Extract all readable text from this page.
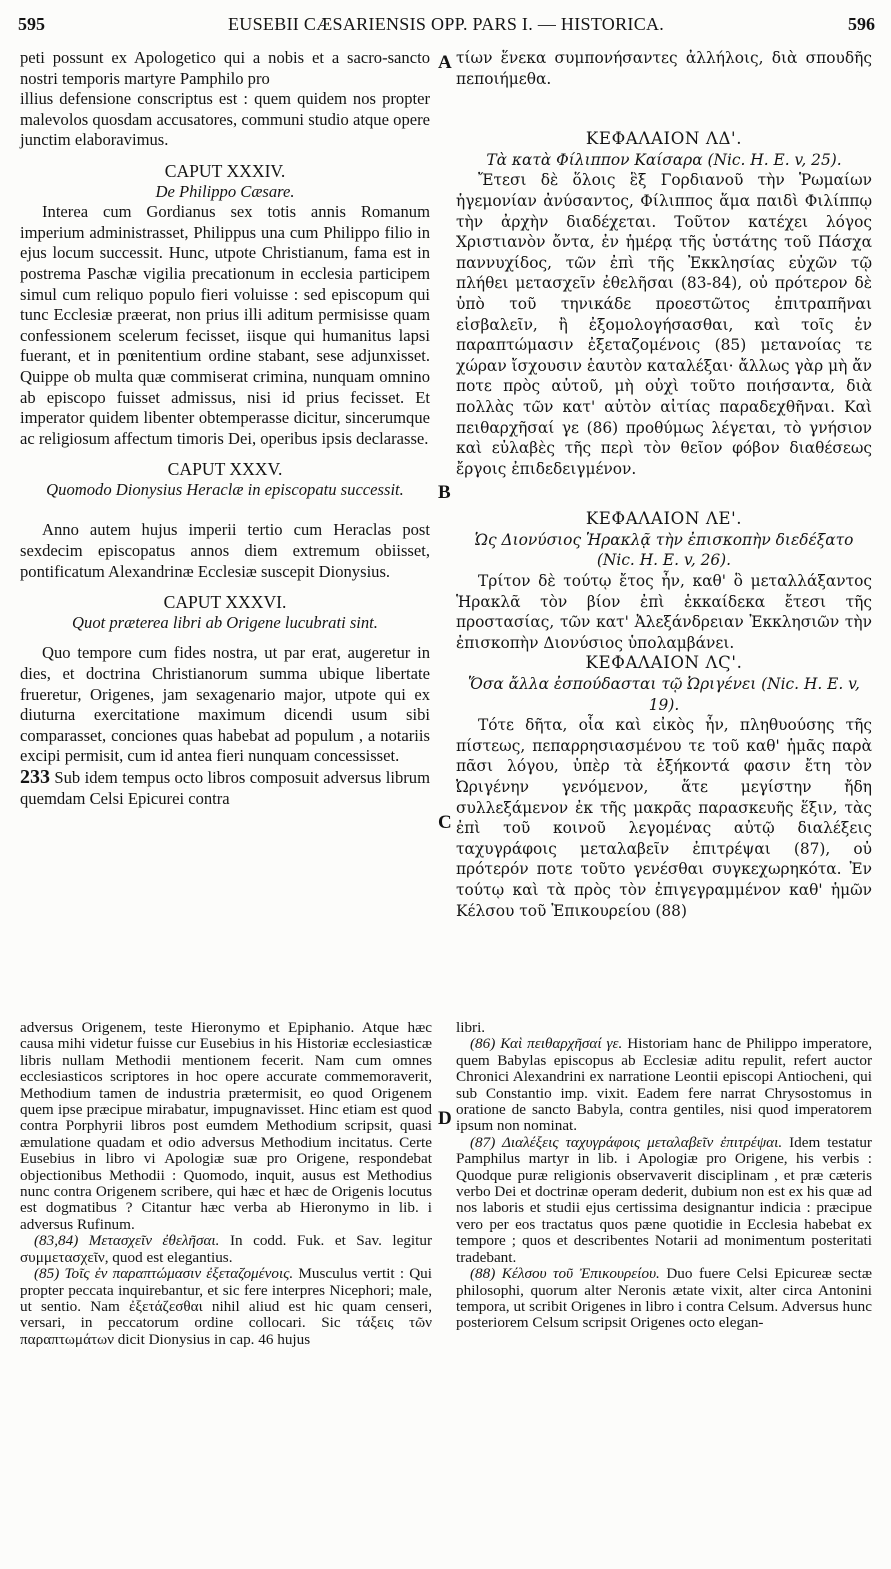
595	EUSEBII CÆSARIENSIS OPP. PARS I. — HISTORICA.	596
A
B
C
D

peti possunt ex Apologetico qui a nobis et a sacro-sancto nostri temporis martyre Pamphilo pro

illius defensione conscriptus est : quem quidem nos propter malevolos quosdam accusatores, communi studio atque opere junctim elaboravimus.

CAPUT XXXIV.

De Philippo Cæsare.

Interea cum Gordianus sex totis annis Romanum imperium administrasset, Philippus una cum Philippo filio in ejus locum successit. Hunc, utpote Christianum, fama est in postrema Paschæ vigilia precationum in ecclesia participem simul cum reliquo populo fieri voluisse : sed episcopum qui tunc Ecclesiæ præerat, non prius illi aditum permisisse quam confessionem scelerum fecisset, iisque qui humanitus lapsi fuerant, et in pœnitentium ordine stabant, sese adjunxisset. Quippe ob multa quæ commiserat crimina, nunquam omnino ab episcopo fuisset admissus, nisi id prius fecisset. Et imperator quidem libenter obtemperasse dicitur, sincerumque ac religiosum affectum timoris Dei, operibus ipsis declarasse.

CAPUT XXXV.

Quomodo Dionysius Heraclæ in episcopatu successit.

Anno autem hujus imperii tertio cum Heraclas post sexdecim episcopatus annos diem extremum obiisset, pontificatum Alexandrinæ Ecclesiæ suscepit Dionysius.

CAPUT XXXVI.

Quot prætereа libri ab Origene lucubrati sint.

Quo tempore cum fides nostra, ut par erat, augeretur in dies, et doctrina Christianorum summa ubique libertate frueretur, Origenes, jam sexagenario major, utpote qui ex diuturna exercitatione maximum dicendi usum sibi comparasset, conciones quas habebat ad populum , a notariis excipi permisit, cum id antea fieri nunquam concessisset.

233 Sub idem tempus octo libros composuit adversus librum quemdam Celsi Epicurei contra

τίων ἕνεκα συμπονήσαντες ἀλλήλοις, διὰ σπουδῆς πεποιήμεθα.

ΚΕΦΑΛΑΙΟΝ ΛΔ'.

Τὰ κατὰ Φίλιππον Καίσαρα (Nic. H. E. v, 25).

Ἔτεσι δὲ ὅλοις ἓξ Γορδιανοῦ τὴν Ῥωμαίων ἡγεμονίαν ἀνύσαντος, Φίλιππος ἅμα παιδὶ Φιλίππῳ τὴν ἀρχὴν διαδέχεται. Τοῦτον κατέχει λόγος Χριστιανὸν ὄντα, ἐν ἡμέρᾳ τῆς ὑστάτης τοῦ Πάσχα παννυχίδος, τῶν ἐπὶ τῆς Ἐκκλησίας εὐχῶν τῷ πλήθει μετασχεῖν ἐθελῆσαι (83-84), οὐ πρότερον δὲ ὑπὸ τοῦ τηνικάδε προεστῶτος ἐπιτραπῆναι εἰσβαλεῖν, ἢ ἐξομολογήσασθαι, καὶ τοῖς ἐν παραπτώμασιν ἐξεταζομένοις (85) μετανοίας τε χώραν ἴσχουσιν ἑαυτὸν καταλέξαι· ἄλλως γὰρ μὴ ἄν ποτε πρὸς αὐτοῦ, μὴ οὐχὶ τοῦτο ποιήσαντα, διὰ πολλὰς τῶν κατ' αὐτὸν αἰτίας παραδεχθῆναι. Καὶ πειθαρχῆσαί γε (86) προθύμως λέγεται, τὸ γνήσιον καὶ εὐλαβὲς τῆς περὶ τὸν θεῖον φόβον διαθέσεως ἔργοις ἐπιδεδειγμένον.

ΚΕΦΑΛΑΙΟΝ ΛΕ'.

Ὡς Διονύσιος Ἡρακλᾷ τὴν ἐπισκοπὴν διεδέξατο (Nic. H. E. v, 26).

Τρίτον δὲ τούτῳ ἔτος ἦν, καθ' ὃ μεταλλάξαντος Ἡρακλᾶ τὸν βίον ἐπὶ ἑκκαίδεκα ἔτεσι τῆς προστασίας, τῶν κατ' Ἀλεξάνδρειαν Ἐκκλησιῶν τὴν ἐπισκοπὴν Διονύσιος ὑπολαμβάνει.

ΚΕΦΑΛΑΙΟΝ ΛϚ'.

Ὅσα ἄλλα ἐσπούδασται τῷ Ὠριγένει (Nic. H. E. v, 19).

Τότε δῆτα, οἷα καὶ εἰκὸς ἦν, πληθυούσης τῆς πίστεως, πεπαρρησιασμένου τε τοῦ καθ' ἡμᾶς παρὰ πᾶσι λόγου, ὑπὲρ τὰ ἑξήκοντά φασιν ἔτη τὸν Ὠριγένην γενόμενον, ἅτε μεγίστην ἤδη συλλεξάμενον ἐκ τῆς μακρᾶς παρασκευῆς ἕξιν, τὰς ἐπὶ τοῦ κοινοῦ λεγομένας αὐτῷ διαλέξεις ταχυγράφοις μεταλαβεῖν ἐπιτρέψαι (87), οὐ πρότερόν ποτε τοῦτο γενέσθαι συγκεχωρηκότα. Ἐν τούτῳ καὶ τὰ πρὸς τὸν ἐπιγεγραμμένον καθ' ἡμῶν Κέλσου τοῦ Ἐπικουρείου (88)

adversus Origenem, teste Hieronymo et Epiphanio. Atque hæc causa mihi videtur fuisse cur Eusebius in his Historiæ ecclesiasticæ libris nullam Methodii mentionem fecerit. Nam cum omnes ecclesiasticos scriptores in hoc opere accurate commemoraverit, Methodium tamen de industria prætermisit, eo quod Origenem quem ipse præcipue mirabatur, impugnavisset. Hinc etiam est quod contra Porphyrii libros post eumdem Methodium scripsit, quasi æmulatione quadam et odio adversus Methodium incitatus. Certe Eusebius in libro vi Apologiæ suæ pro Origene, respondebat objectionibus Methodii : Quomodo, inquit, ausus est Methodius nunc contra Origenem scribere, qui hæc et hæc de Origenis locutus est dogmatibus ? Citantur hæc verba ab Hieronymo in lib. i adversus Rufinum.

(83,84) Μετασχεῖν ἐθελῆσαι. In codd. Fuk. et Sav. legitur συμμετασχεῖν, quod est elegantius.

(85) Τοῖς ἐν παραπτώμασιν ἐξεταζομένοις. Musculus vertit : Qui propter peccata inquirebantur, et sic fere interpres Nicephori; male, ut sentio. Nam ἐξετάζεσθαι nihil aliud est hic quam censeri, versari, in peccatorum ordine collocari. Sic τάξεις τῶν παραπτωμάτων dicit Dionysius in cap. 46 hujus

libri.

(86) Καὶ πειθαρχῆσαί γε. Historiam hanc de Philippo imperatore, quem Babylas episcopus ab Ecclesiæ aditu repulit, refert auctor Chronici Alexandrini ex narratione Leontii episcopi Antiocheni, qui sub Constantio imp. vixit. Eadem fere narrat Chrysostomus in oratione de sancto Babyla, contra gentiles, nisi quod imperatorem ipsum non nominat.

(87) Διαλέξεις ταχυγράφοις μεταλαβεῖν ἐπιτρέψαι. Idem testatur Pamphilus martyr in lib. i Apologiæ pro Origene, his verbis : Quodque puræ religionis observaverit disciplinam , et præ cæteris verbo Dei et doctrinæ operam dederit, dubium non est ex his quæ ad nos laboris et studii ejus certissima designantur indicia : præcipue vero per eos tractatus quos pæne quotidie in Ecclesia habebat ex tempore ; quos et describentes Notarii ad monimentum posteritati tradebant.

(88) Κέλσου τοῦ Ἐπικουρείου. Duo fuere Celsi Epicureæ sectæ philosophi, quorum alter Neronis ætate vixit, alter circa Antonini tempora, ut scribit Origenes in libro i contra Celsum. Adversus hunc posteriorem Celsum scripsit Origenes octo elegan-
